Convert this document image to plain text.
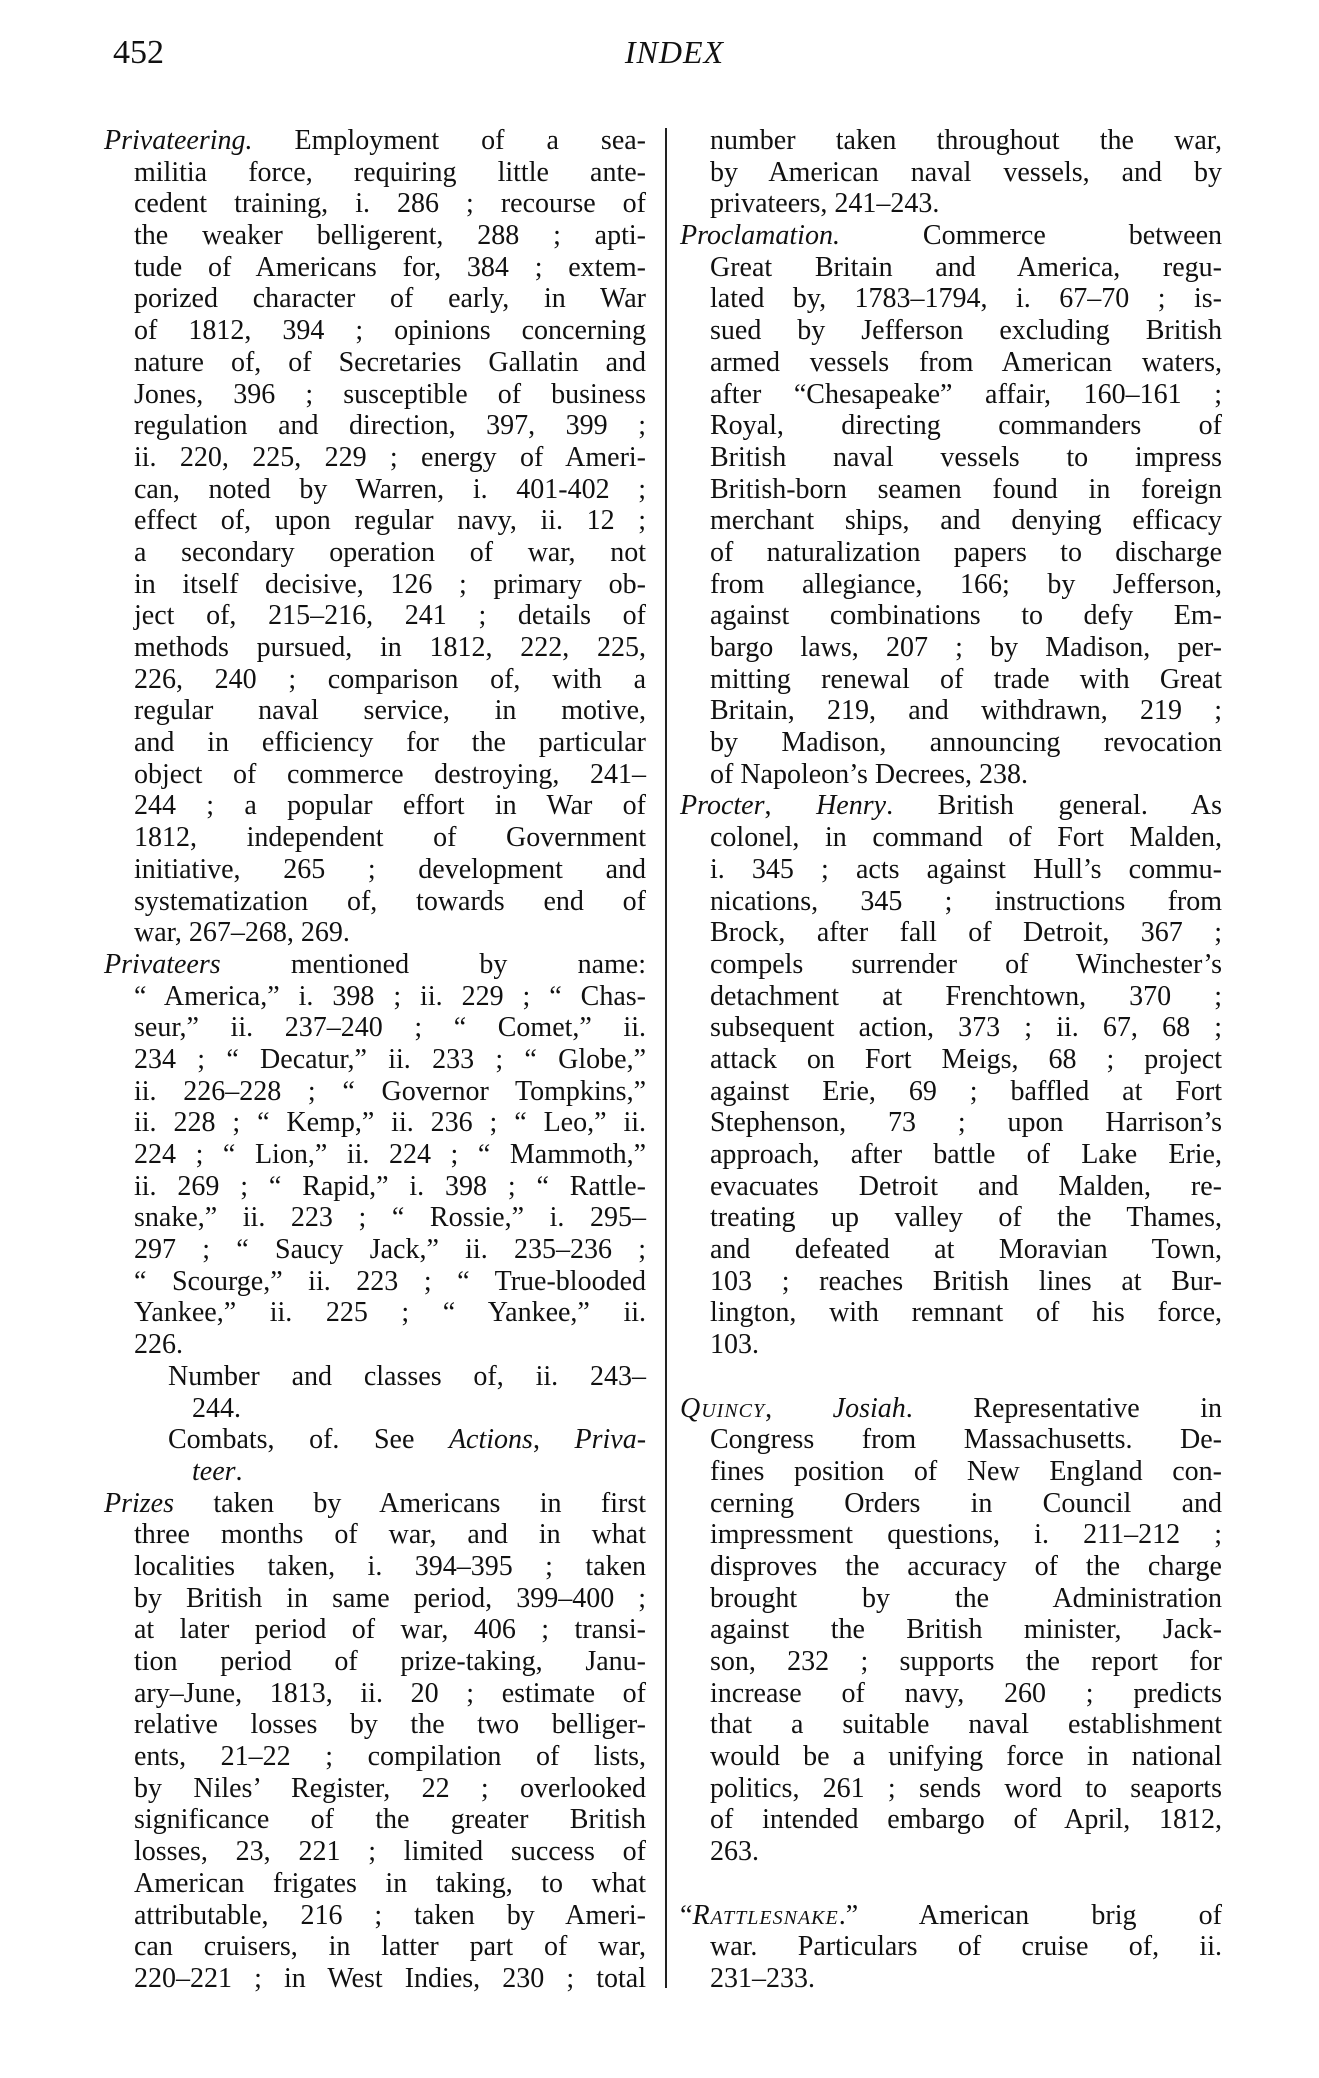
452	INDEX
Privateering. Employment of a sea-
militia force, requiring little ante-
cedent training, i. 286 ; recourse of
the weaker belligerent, 288 ; apti-
tude of Americans for, 384 ; extem-
porized character of early, in War
of 1812, 394 ; opinions concerning
nature of, of Secretaries Gallatin and
Jones, 396 ; susceptible of business
regulation and direction, 397, 399 ;
ii. 220, 225, 229 ; energy of Ameri-
can, noted by Warren, i. 401-402 ;
effect of, upon regular navy, ii. 12 ;
a secondary operation of war, not
in itself decisive, 126 ; primary ob-
ject of, 215–216, 241 ; details of
methods pursued, in 1812, 222, 225,
226, 240 ; comparison of, with a
regular naval service, in motive,
and in efficiency for the particular
object of commerce destroying, 241–
244 ; a popular effort in War of
1812, independent of Government
initiative, 265 ; development and
systematization of, towards end of
war, 267–268, 269.
Privateers mentioned by name:
“ America,” i. 398 ; ii. 229 ; “ Chas-
seur,” ii. 237–240 ; “ Comet,” ii.
234 ; “ Decatur,” ii. 233 ; “ Globe,”
ii. 226–228 ; “ Governor Tompkins,”
ii. 228 ; “ Kemp,” ii. 236 ; “ Leo,” ii.
224 ; “ Lion,” ii. 224 ; “ Mammoth,”
ii. 269 ; “ Rapid,” i. 398 ; “ Rattle-
snake,” ii. 223 ; “ Rossie,” i. 295–
297 ; “ Saucy Jack,” ii. 235–236 ;
“ Scourge,” ii. 223 ; “ True-blooded
Yankee,” ii. 225 ; “ Yankee,” ii.
226.
Number and classes of, ii. 243–
244.
Combats, of. See Actions, Priva-
teer.
Prizes taken by Americans in first
three months of war, and in what
localities taken, i. 394–395 ; taken
by British in same period, 399–400 ;
at later period of war, 406 ; transi-
tion period of prize-taking, Janu-
ary–June, 1813, ii. 20 ; estimate of
relative losses by the two belliger-
ents, 21–22 ; compilation of lists,
by Niles’ Register, 22 ; overlooked
significance of the greater British
losses, 23, 221 ; limited success of
American frigates in taking, to what
attributable, 216 ; taken by Ameri-
can cruisers, in latter part of war,
220–221 ; in West Indies, 230 ; total
number taken throughout the war,
by American naval vessels, and by
privateers, 241–243.
Proclamation. Commerce between
Great Britain and America, regu-
lated by, 1783–1794, i. 67–70 ; is-
sued by Jefferson excluding British
armed vessels from American waters,
after “Chesapeake” affair, 160–161 ;
Royal, directing commanders of
British naval vessels to impress
British-born seamen found in foreign
merchant ships, and denying efficacy
of naturalization papers to discharge
from allegiance, 166; by Jefferson,
against combinations to defy Em-
bargo laws, 207 ; by Madison, per-
mitting renewal of trade with Great
Britain, 219, and withdrawn, 219 ;
by Madison, announcing revocation
of Napoleon’s Decrees, 238.
Procter, Henry. British general. As
colonel, in command of Fort Malden,
i. 345 ; acts against Hull’s commu-
nications, 345 ; instructions from
Brock, after fall of Detroit, 367 ;
compels surrender of Winchester’s
detachment at Frenchtown, 370 ;
subsequent action, 373 ; ii. 67, 68 ;
attack on Fort Meigs, 68 ; project
against Erie, 69 ; baffled at Fort
Stephenson, 73 ; upon Harrison’s
approach, after battle of Lake Erie,
evacuates Detroit and Malden, re-
treating up valley of the Thames,
and defeated at Moravian Town,
103 ; reaches British lines at Bur-
lington, with remnant of his force,
103.
Quincy, Josiah. Representative in
Congress from Massachusetts. De-
fines position of New England con-
cerning Orders in Council and
impressment questions, i. 211–212 ;
disproves the accuracy of the charge
brought by the Administration
against the British minister, Jack-
son, 232 ; supports the report for
increase of navy, 260 ; predicts
that a suitable naval establishment
would be a unifying force in national
politics, 261 ; sends word to seaports
of intended embargo of April, 1812,
263.
“Rattlesnake.” American brig of
war. Particulars of cruise of, ii.
231–233.
